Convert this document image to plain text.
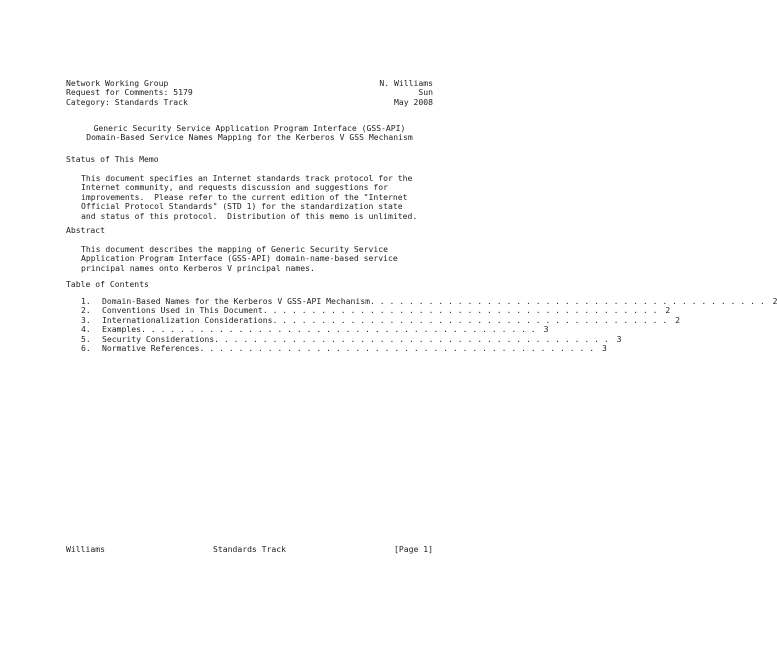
Network Working Group	N. Williams
Request for Comments: 5179	Sun
Category: Standards Track	May 2008
Generic Security Service Application Program Interface (GSS-API)
Domain-Based Service Names Mapping for the Kerberos V GSS Mechanism
Status of This Memo
This document specifies an Internet standards track protocol for the
Internet community, and requests discussion and suggestions for
improvements.  Please refer to the current edition of the "Internet
Official Protocol Standards" (STD 1) for the standardization state
and status of this protocol.  Distribution of this memo is unlimited.
Abstract
This document describes the mapping of Generic Security Service
Application Program Interface (GSS-API) domain-name-based service
principal names onto Kerberos V principal names.
Table of Contents
1.	Domain-Based Names for the Kerberos V GSS-API Mechanism . . . . . . . . . . . . . . . . . . . . . . . . . . . . . . . . . . . . . . . . . 2
2.	Conventions Used in This Document . . . . . . . . . . . . . . . . . . . . . . . . . . . . . . . . . . . . . . . . . 2
3.	Internationalization Considerations . . . . . . . . . . . . . . . . . . . . . . . . . . . . . . . . . . . . . . . . . 2
4.	Examples . . . . . . . . . . . . . . . . . . . . . . . . . . . . . . . . . . . . . . . . . 3
5.	Security Considerations . . . . . . . . . . . . . . . . . . . . . . . . . . . . . . . . . . . . . . . . . 3
6.	Normative References . . . . . . . . . . . . . . . . . . . . . . . . . . . . . . . . . . . . . . . . . 3
Williams	Standards Track	[Page 1]
